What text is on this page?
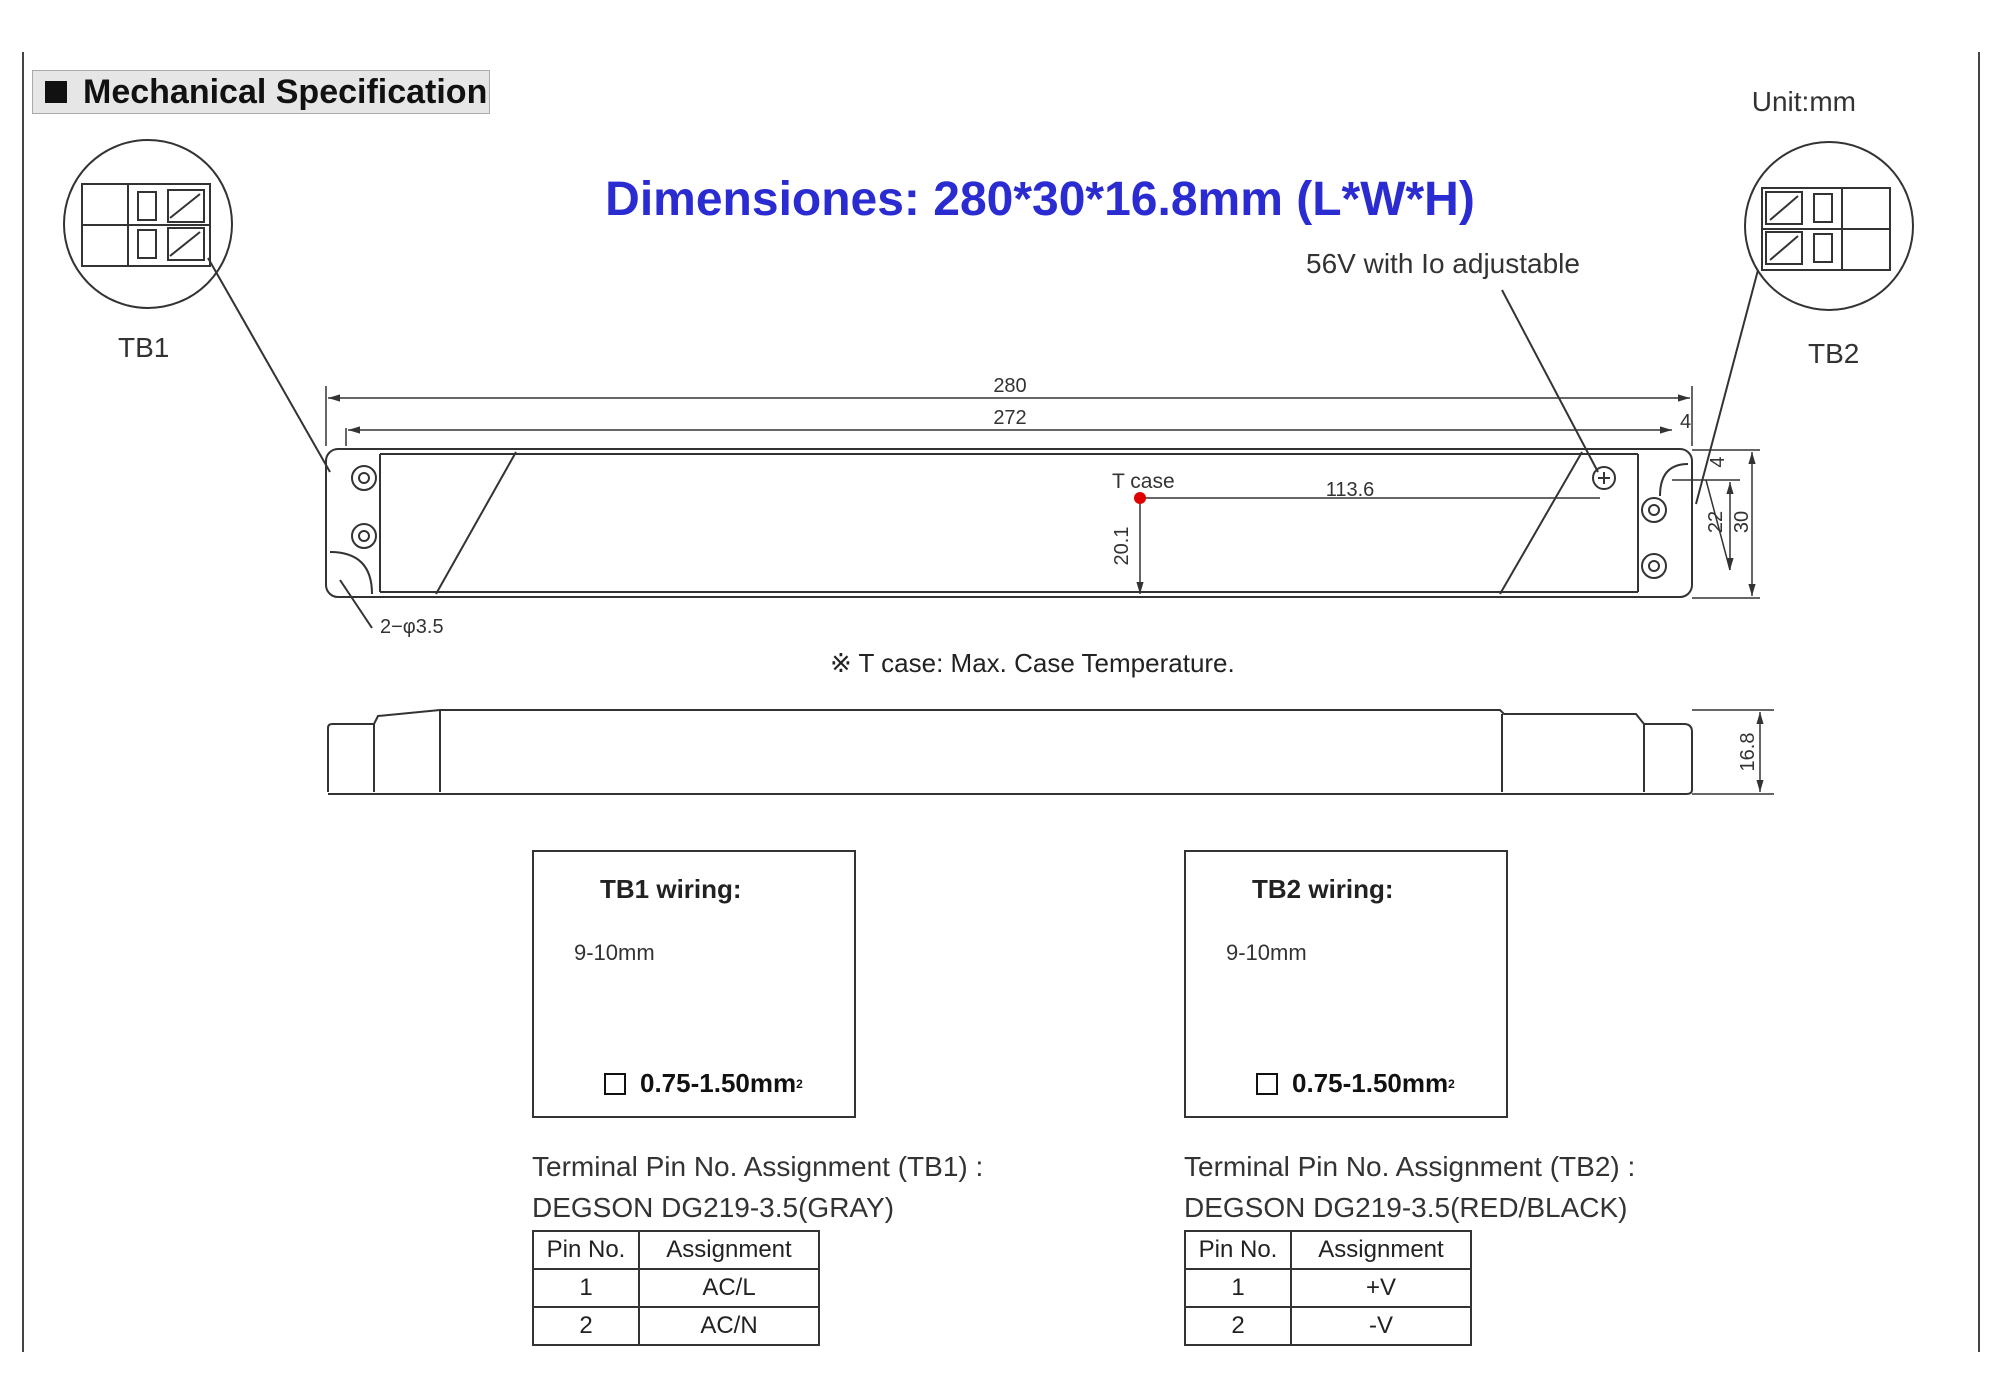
Mechanical Specification	Unit:mm
Dimensiones: 280*30*16.8mm (L*W*H)
56V with Io adjustable
TB1	TB2
280
272
T case	113.6
20.1
4
4
22 30
16.8
2−φ3.5
※ T case: Max. Case Temperature.
TB1 wiring:
9-10mm
0.75-1.50mm 2
TB2 wiring:
9-10mm
0.75-1.50mm 2
Terminal Pin No. Assignment (TB1) :
DEGSON DG219-3.5(GRAY)
Pin No.	Assignment
1	AC/L
2	AC/N
Terminal Pin No. Assignment (TB2) :
DEGSON DG219-3.5(RED/BLACK)
Pin No.	Assignment
1	+V
2	-V
